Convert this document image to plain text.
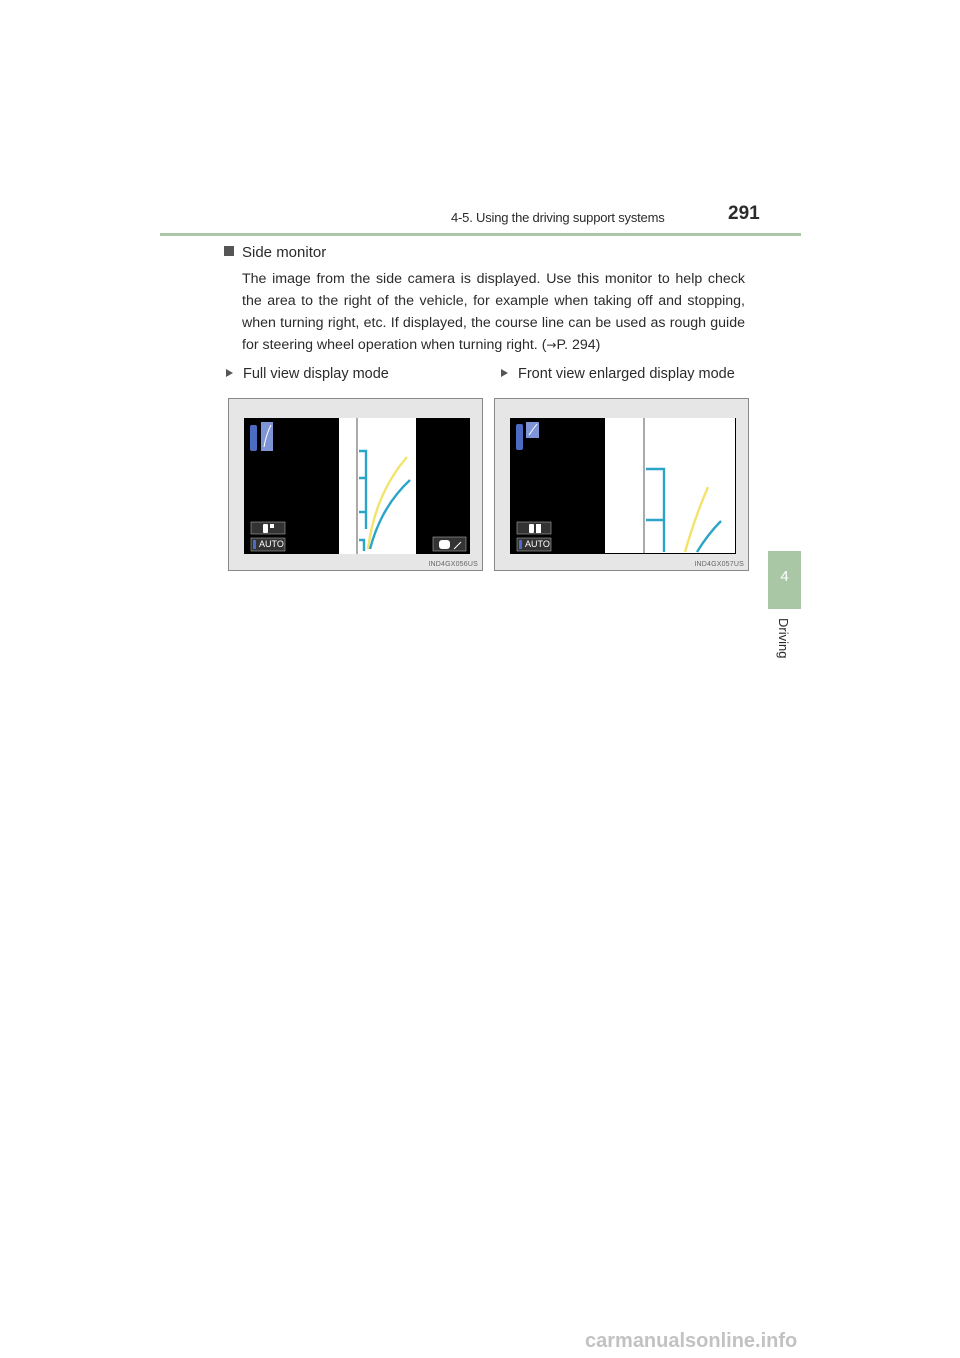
4-5. Using the driving support systems	291
4
Driving
Side monitor
The image from the side camera is displayed. Use this monitor to help check the area to the right of the vehicle, for example when taking off and stopping, when turning right, etc. If displayed, the course line can be used as rough guide for steering wheel operation when turning right. (→P. 294)
Full view display mode	Front view enlarged display mode
AUTO
IND4GX056US
AUTO
IND4GX057US
carmanualsonline.info
